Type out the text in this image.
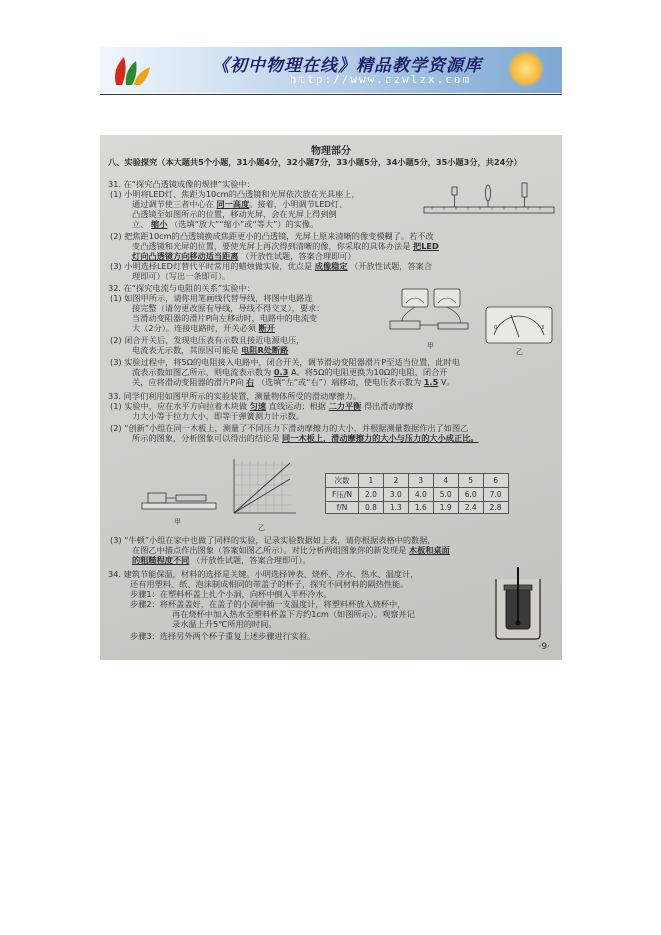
《初中物理在线》精品教学资源库
http://www.czwlzx.com
物理部分
八、实验探究（本大题共5个小题，31小题4分，32小题7分，33小题5分，34小题5分，35小题3分，共24分）
31. 在“探究凸透镜成像的规律”实验中：
(1) 小明将LED灯、焦距为10cm的凸透镜和光屏依次放在光具座上，
通过调节使三者中心在 同一高度。接着，小明调节LED灯、
凸透镜至如图所示的位置，移动光屏，会在光屏上得到倒
立、 缩小 （选填“放大”“缩小”或“等大”）的实像。
(2) 把焦距10cm的凸透镜换成焦距更小的凸透镜，光屏上原来清晰的像变模糊了。若不改
变凸透镜和光屏的位置，要使光屏上再次得到清晰的像，你采取的具体办法是 把LED
灯向凸透镜方向移动适当距离 （开放性试题，答案合理即可）
(3) 小明选择LED灯替代平时常用的蜡烛做实验，优点是 成像稳定 （开放性试题，答案合
理即可）（写出一条即可）。
32. 在“探究电流与电阻的关系”实验中：
(1) 如图甲所示，请你用笔画线代替导线，将图中电路连
接完整（请勿更改原有导线，导线不得交叉），要求：
当滑动变阻器的滑片P向左移动时，电路中的电流变
大（2分）。连接电路时，开关必须 断开
(2) 闭合开关后，发现电压表有示数且接近电源电压，
电流表无示数，其原因可能是 电阻R处断路	甲
0	3
乙
(3) 实验过程中，将5Ω的电阻接入电路中，闭合开关，调节滑动变阻器滑片P至适当位置，此时电
流表示数如图乙所示，则电流表示数为 0.3 A。将5Ω的电阻更换为10Ω的电阻，闭合开
关，应将滑动变阻器的滑片P向 右 （选填“左”或“右”）端移动，使电压表示数为 1.5 V。
33. 同学们利用如图甲所示的实验装置，测量物体所受的滑动摩擦力。
(1) 实验中，应在水平方向拉着木块做 匀速 直线运动；根据 二力平衡 得出滑动摩擦
力大小等于拉力大小，即等于弹簧测力计示数。
(2) “创新”小组在同一木板上，测量了不同压力下滑动摩擦力的大小，并根据测量数据作出了如图乙
所示的图象，分析图象可以得出的结论是 同一木板上，滑动摩擦力的大小与压力的大小成正比。
甲
乙
次数	1	2	3	4	5	6
F压/N	2.0	3.0	4.0	5.0	6.0	7.0
f/N	0.8	1.3	1.6	1.9	2.4	2.8
(3) “牛顿”小组在家中也做了同样的实验，记录实验数据如上表，请你根据表格中的数据，
在图乙中描点作出图象（答案如图乙所示）。对比分析两组图象你的新发现是 木板和桌面
的粗糙程度不同 （开放性试题，答案合理即可）。
34. 建筑节能保温，材料的选择是关键。小明选择钟表、烧杯、冷水、热水、温度计，
还有用塑料、纸、泡沫制成相同的带盖子的杯子，探究不同材料的隔热性能。
步骤1：在塑料杯盖上扎个小洞，向杯中倒入半杯冷水。
步骤2：将杯盖盖好，在盖子的小洞中插一支温度计，将塑料杯放入烧杯中，
再在烧杯中加入热水至塑料杯盖下方约1cm（如图所示）。观察并记
录水温上升5℃所用的时间。
步骤3：选择另外两个杯子重复上述步骤进行实验。
·9·
